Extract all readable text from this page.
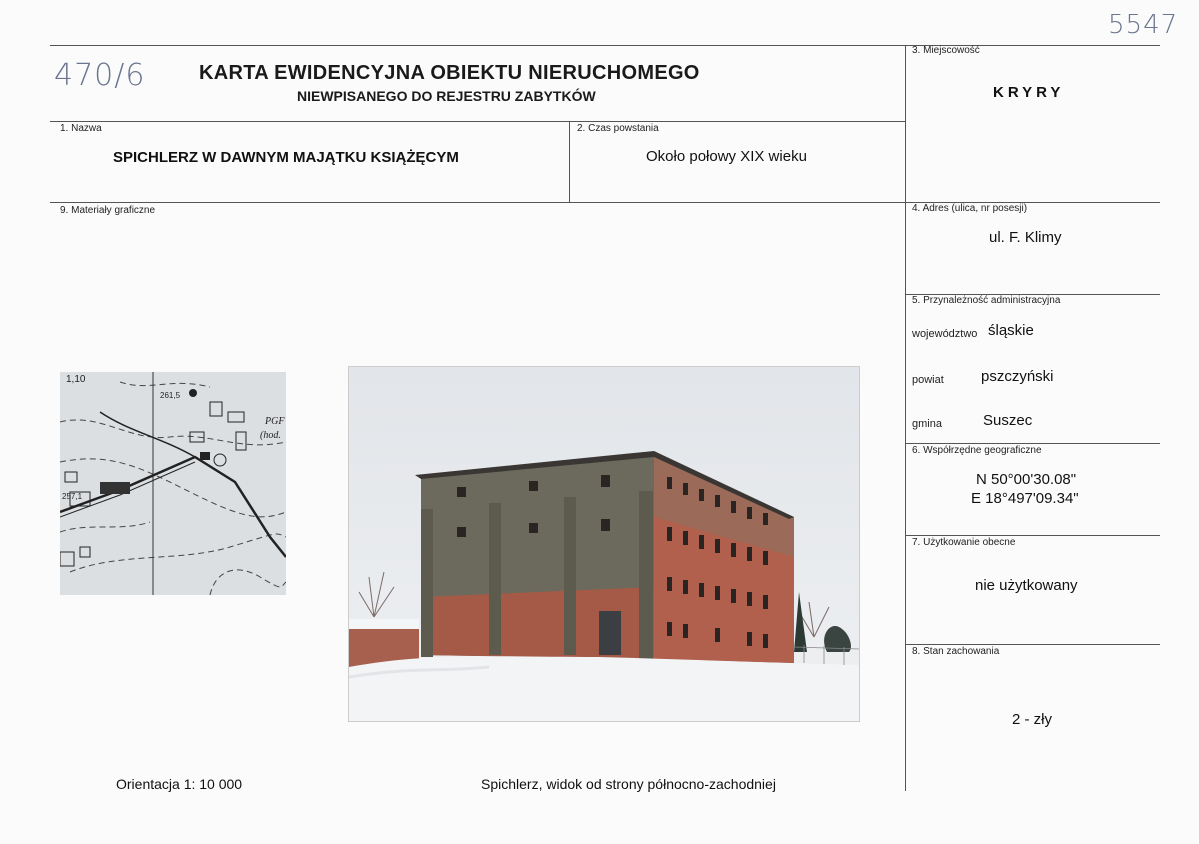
5547
470/6	KARTA EWIDENCYJNA OBIEKTU NIERUCHOMEGO
NIEWPISANEGO DO REJESTRU ZABYTKÓW
3. Miejscowość
KRYRY
1. Nazwa
SPICHLERZ W DAWNYM MAJĄTKU KSIĄŻĘCYM
2. Czas powstania
Około połowy XIX wieku
9. Materiały graficzne	4. Adres (ulica, nr posesji)
ul. F. Klimy
5. Przynależność administracyjna
województwo śląskie
powiat pszczyński
gmina	Suszec
6. Współrzędne geograficzne
N 50°00'30.08"
E 18°497'09.34"
7. Użytkowanie obecne
nie użytkowany
8. Stan zachowania
2 - zły
1,10
261,5
PGF
(hod.
257,1
Orientacja 1: 10 000	Spichlerz, widok od strony północno-zachodniej
